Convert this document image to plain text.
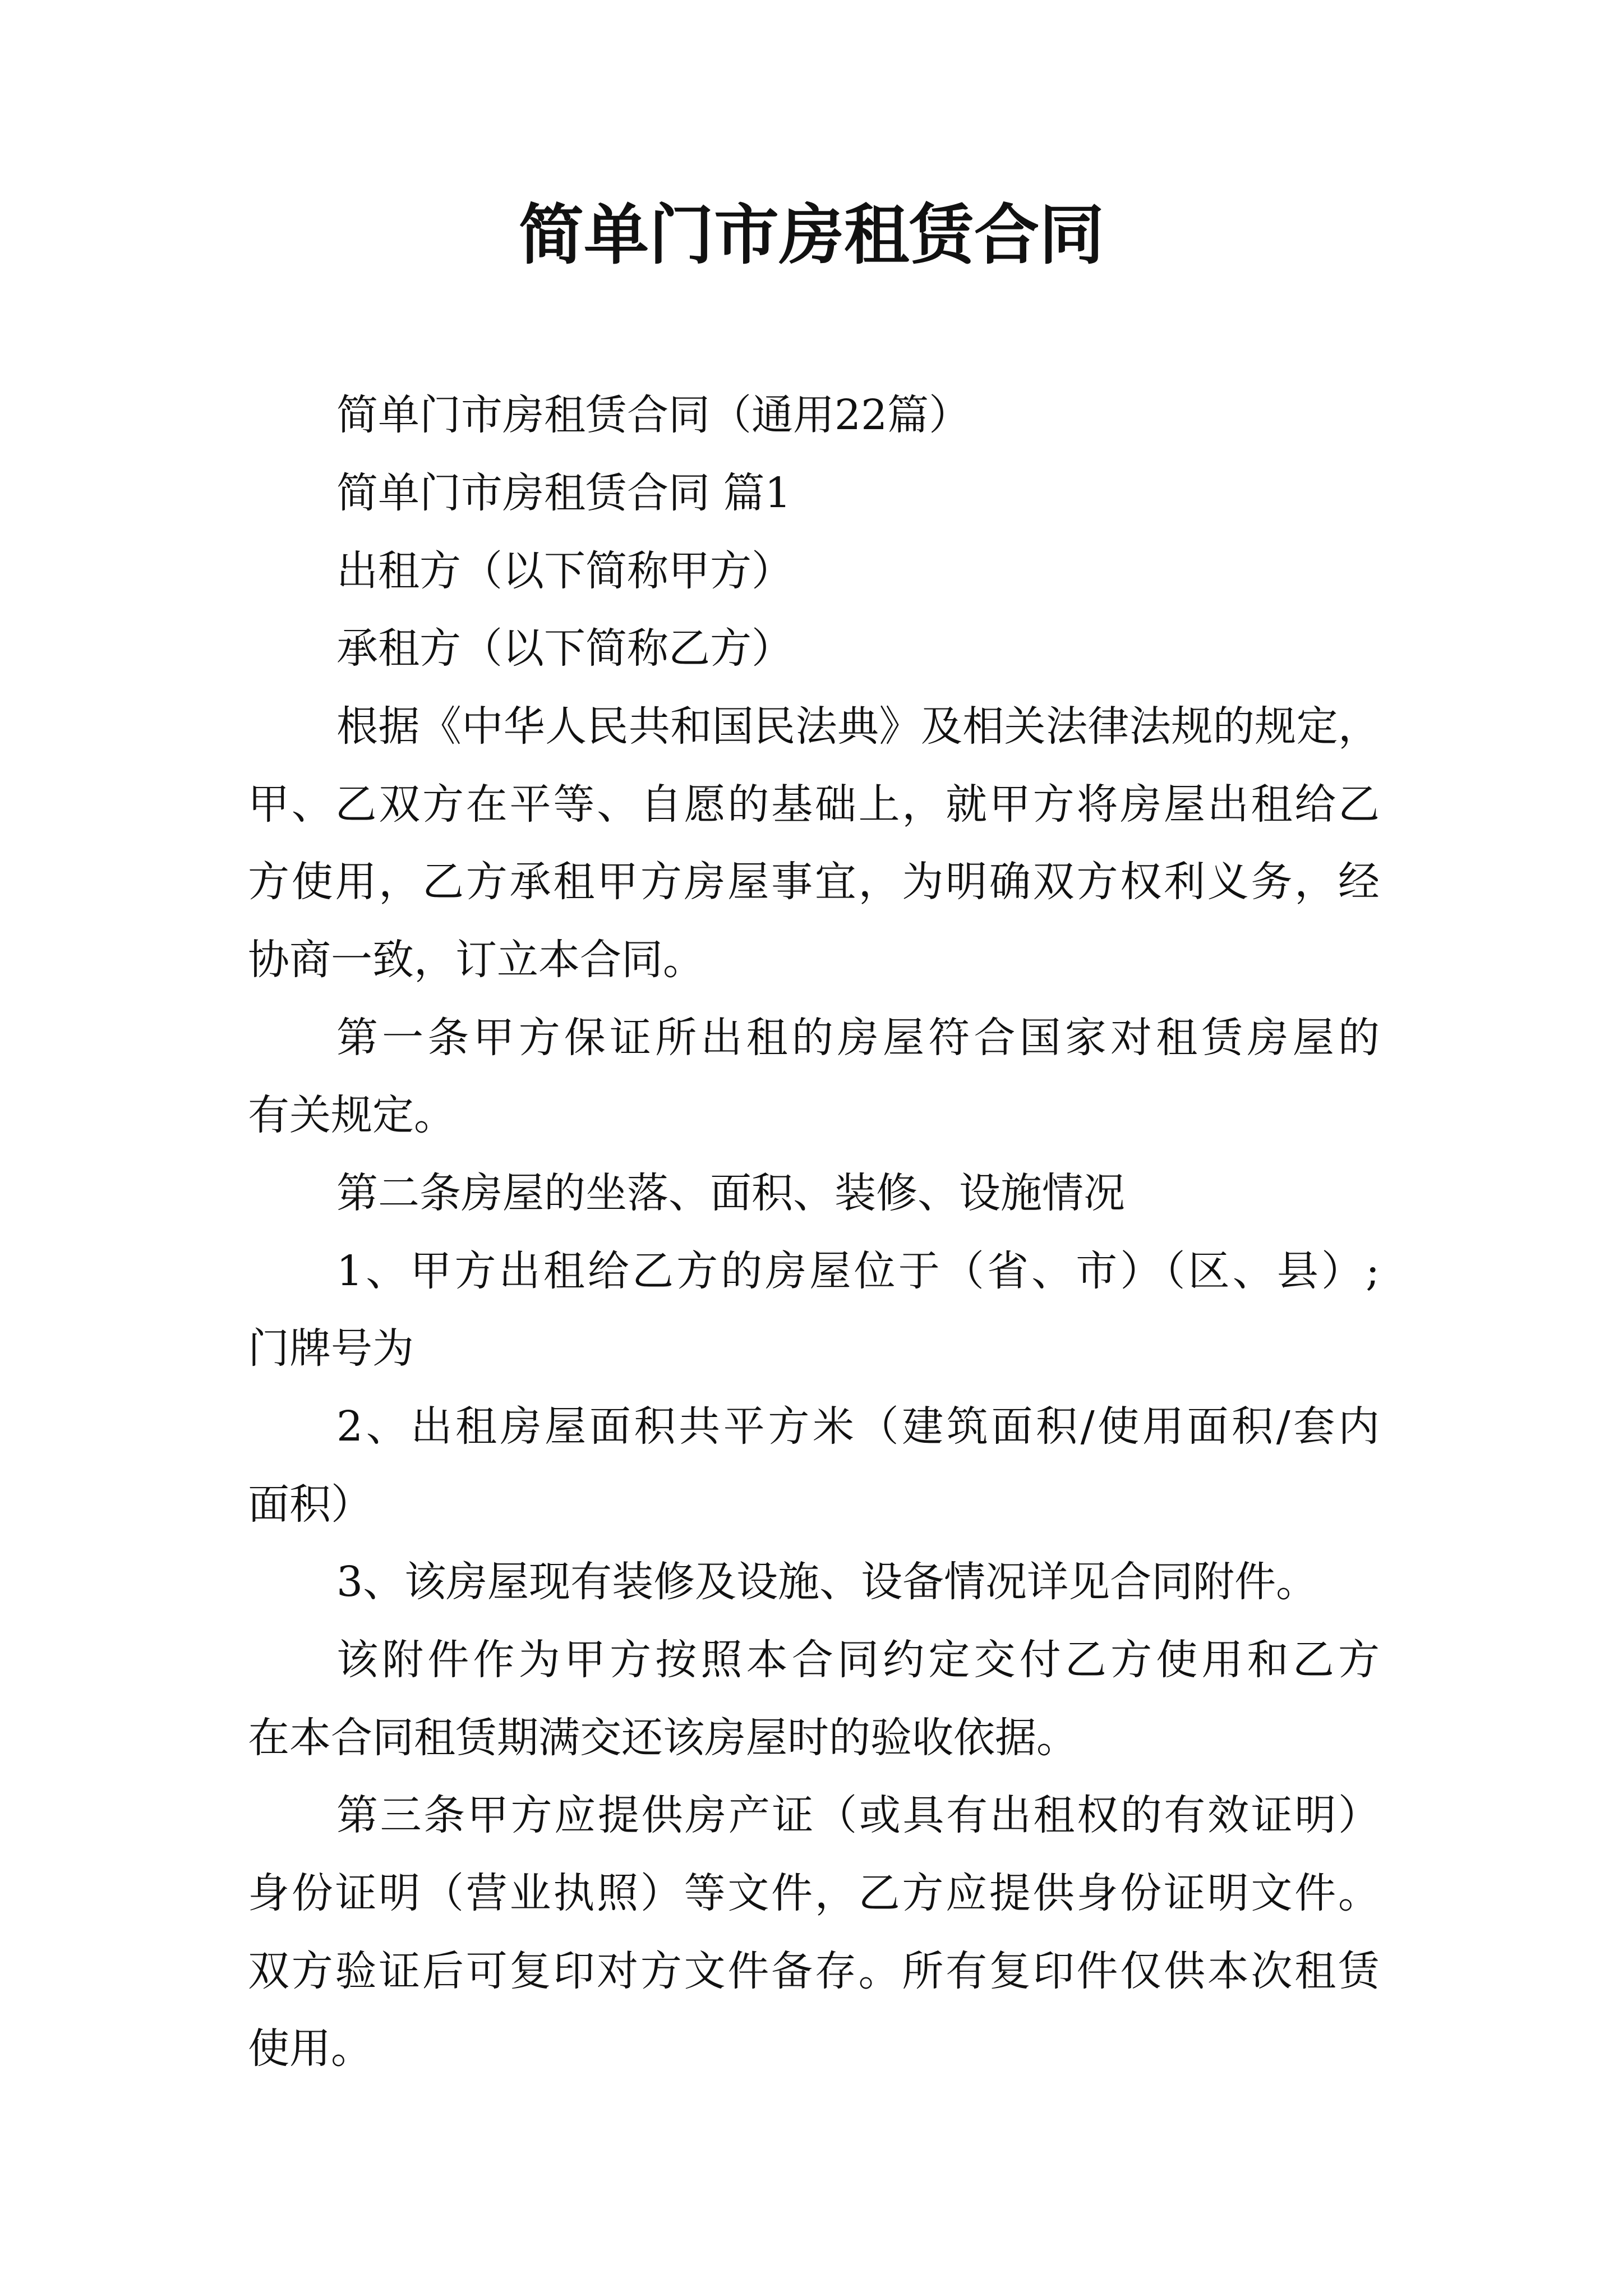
简单门市房租赁合同

简单门市房租赁合同（通用22篇）

简单门市房租赁合同 篇1

出租方（以下简称甲方）

承租方（以下简称乙方）

根据《中华人民共和国民法典》及相关法律法规的规定，

甲、乙双方在平等、自愿的基础上，就甲方将房屋出租给乙

方使用，乙方承租甲方房屋事宜，为明确双方权利义务，经

协商一致，订立本合同。

第一条甲方保证所出租的房屋符合国家对租赁房屋的

有关规定。

第二条房屋的坐落、面积、装修、设施情况

1、甲方出租给乙方的房屋位于（省、市）（区、县）;

门牌号为

2、出租房屋面积共平方米（建筑面积/使用面积/套内

面积）

3、该房屋现有装修及设施、设备情况详见合同附件。

该附件作为甲方按照本合同约定交付乙方使用和乙方

在本合同租赁期满交还该房屋时的验收依据。

第三条甲方应提供房产证（或具有出租权的有效证明）

身份证明（营业执照）等文件，乙方应提供身份证明文件。

双方验证后可复印对方文件备存。所有复印件仅供本次租赁

使用。
